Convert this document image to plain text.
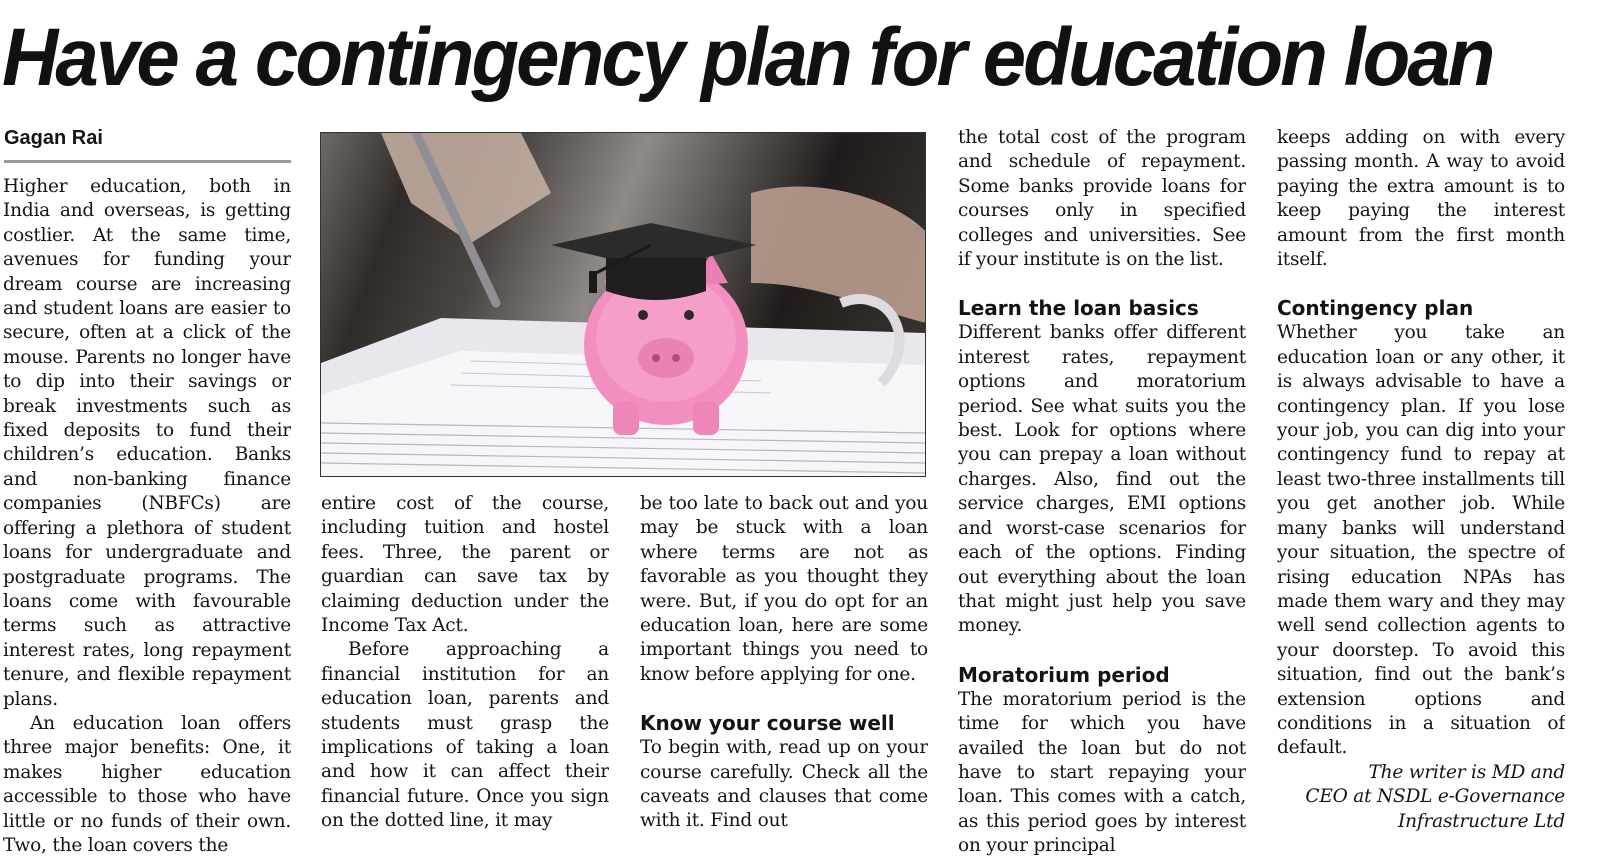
Have a contingency plan for education loan
Gagan Rai

Higher education, both in India and overseas, is getting costlier. At the same time, avenues for funding your dream course are increasing and student loans are easier to secure, often at a click of the mouse. Parents no longer have to dip into their savings or break investments such as fixed deposits to fund their children’s education. Banks and non-banking finance companies (NBFCs) are offering a plethora of student loans for undergraduate and postgraduate programs. The loans come with favourable terms such as attractive interest rates, long repayment tenure, and flexible repayment plans.

An education loan offers three major benefits: One, it makes higher education accessible to those who have little or no funds of their own. Two, the loan covers the

entire cost of the course, including tuition and hostel fees. Three, the parent or guardian can save tax by claiming deduction under the Income Tax Act.

Before approaching a financial institution for an education loan, parents and students must grasp the implications of taking a loan and how it can affect their financial future. Once you sign on the dotted line, it may

be too late to back out and you may be stuck with a loan where terms are not as favorable as you thought they were. But, if you do opt for an education loan, here are some important things you need to know before applying for one.

Know your course well

To begin with, read up on your course carefully. Check all the caveats and clauses that come with it. Find out

the total cost of the program and schedule of repayment. Some banks provide loans for courses only in specified colleges and universities. See if your institute is on the list.

Learn the loan basics

Different banks offer different interest rates, repayment options and moratorium period. See what suits you the best. Look for options where you can prepay a loan without charges. Also, find out the service charges, EMI options and worst-case scenarios for each of the options. Finding out everything about the loan that might just help you save money.

Moratorium period

The moratorium period is the time for which you have availed the loan but do not have to start repaying your loan. This comes with a catch, as this period goes by interest on your principal

keeps adding on with every passing month. A way to avoid paying the extra amount is to keep paying the interest amount from the first month itself.

Contingency plan

Whether you take an education loan or any other, it is always advisable to have a contingency plan. If you lose your job, you can dig into your contingency fund to repay at least two-three installments till you get another job. While many banks will understand your situation, the spectre of rising education NPAs has made them wary and they may well send collection agents to your doorstep. To avoid this situation, find out the bank’s extension options and conditions in a situation of default.

The writer is MD and
CEO at NSDL e-Governance
Infrastructure Ltd
